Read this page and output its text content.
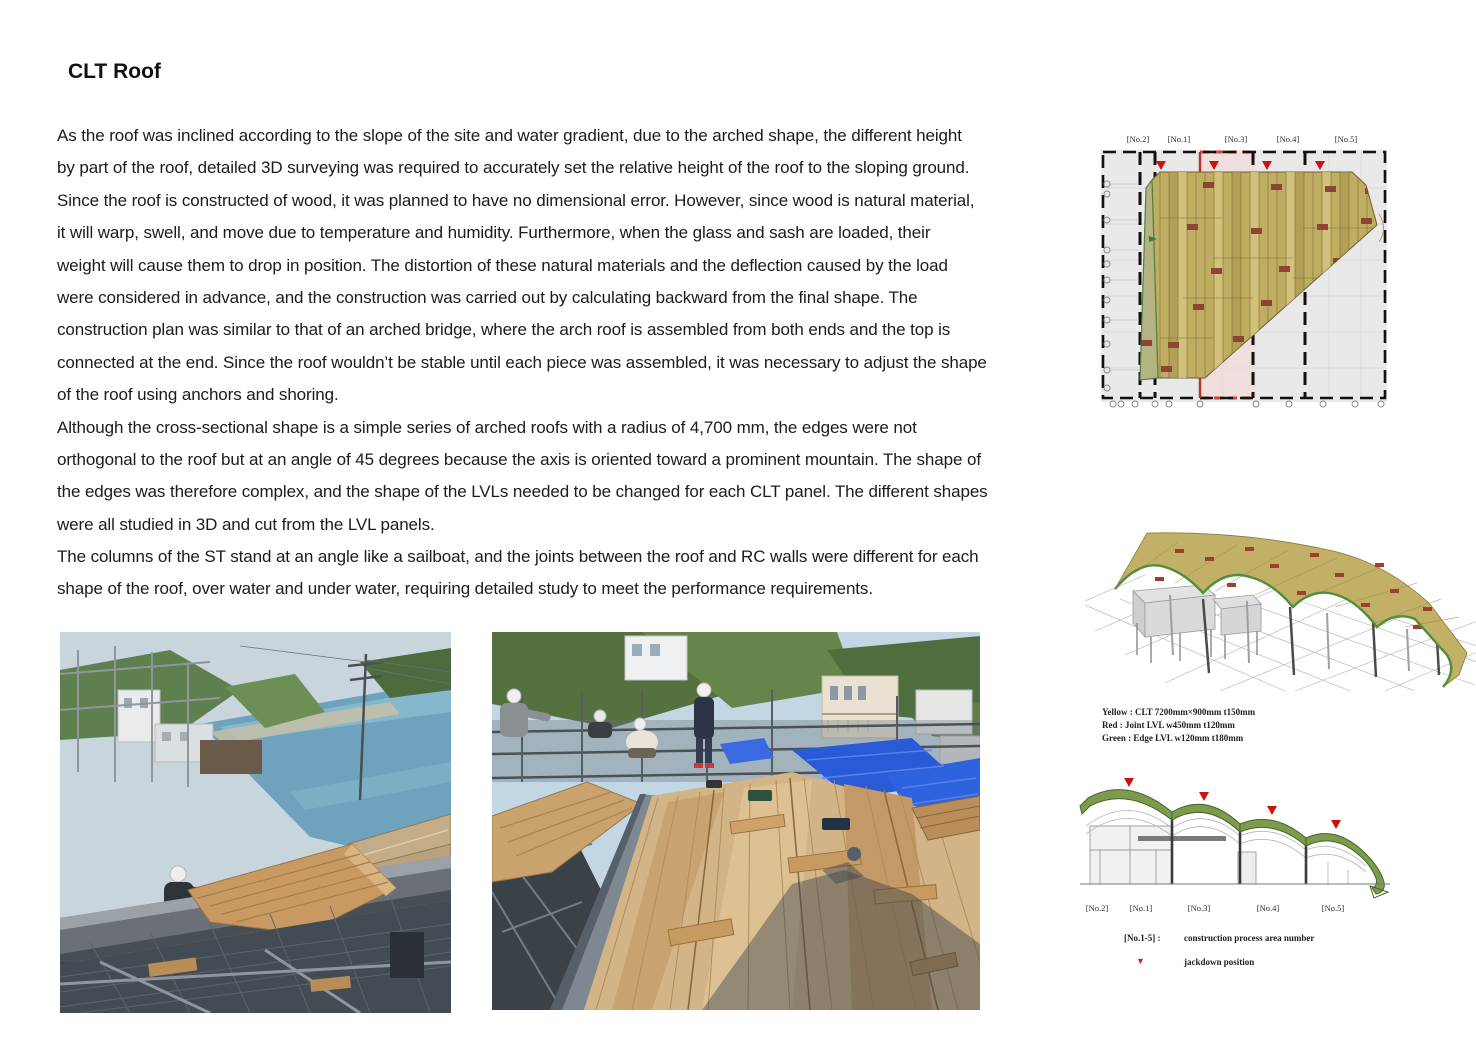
CLT Roof
As the roof was inclined according to the slope of the site and water gradient, due to the arched shape, the different height
by part of the roof, detailed 3D surveying was required to accurately set the relative height of the roof to the sloping ground.
Since the roof is constructed of wood, it was planned to have no dimensional error. However, since wood is natural material,
it will warp, swell, and move due to temperature and humidity. Furthermore, when the glass and sash are loaded, their
weight will cause them to drop in position. The distortion of these natural materials and the deflection caused by the load
were considered in advance, and the construction was carried out by calculating backward from the final shape. The
construction plan was similar to that of an arched bridge, where the arch roof is assembled from both ends and the top is
connected at the end. Since the roof wouldn’t be stable until each piece was assembled, it was necessary to adjust the shape
of the roof using anchors and shoring.
Although the cross-sectional shape is a simple series of arched roofs with a radius of 4,700 mm, the edges were not
orthogonal to the roof but at an angle of 45 degrees because the axis is oriented toward a prominent mountain. The shape of
the edges was therefore complex, and the shape of the LVLs needed to be changed for each CLT panel. The different shapes
were all studied in 3D and cut from the LVL panels.
The columns of the ST stand at an angle like a sailboat, and the joints between the roof and RC walls were different for each
shape of the roof, over water and under water, requiring detailed study to meet the performance requirements.
[No.2] [No.1]	[No.3]	[No.4]	[No.5]
Yellow : CLT 7200mm×900mm t150mm
Red : Joint LVL w450mm t120mm
Green : Edge LVL w120mm t180mm
[No.2]	[No.1]	[No.3]	[No.4]	[No.5]
[No.1-5] :	construction process area number
▼	jackdown position
